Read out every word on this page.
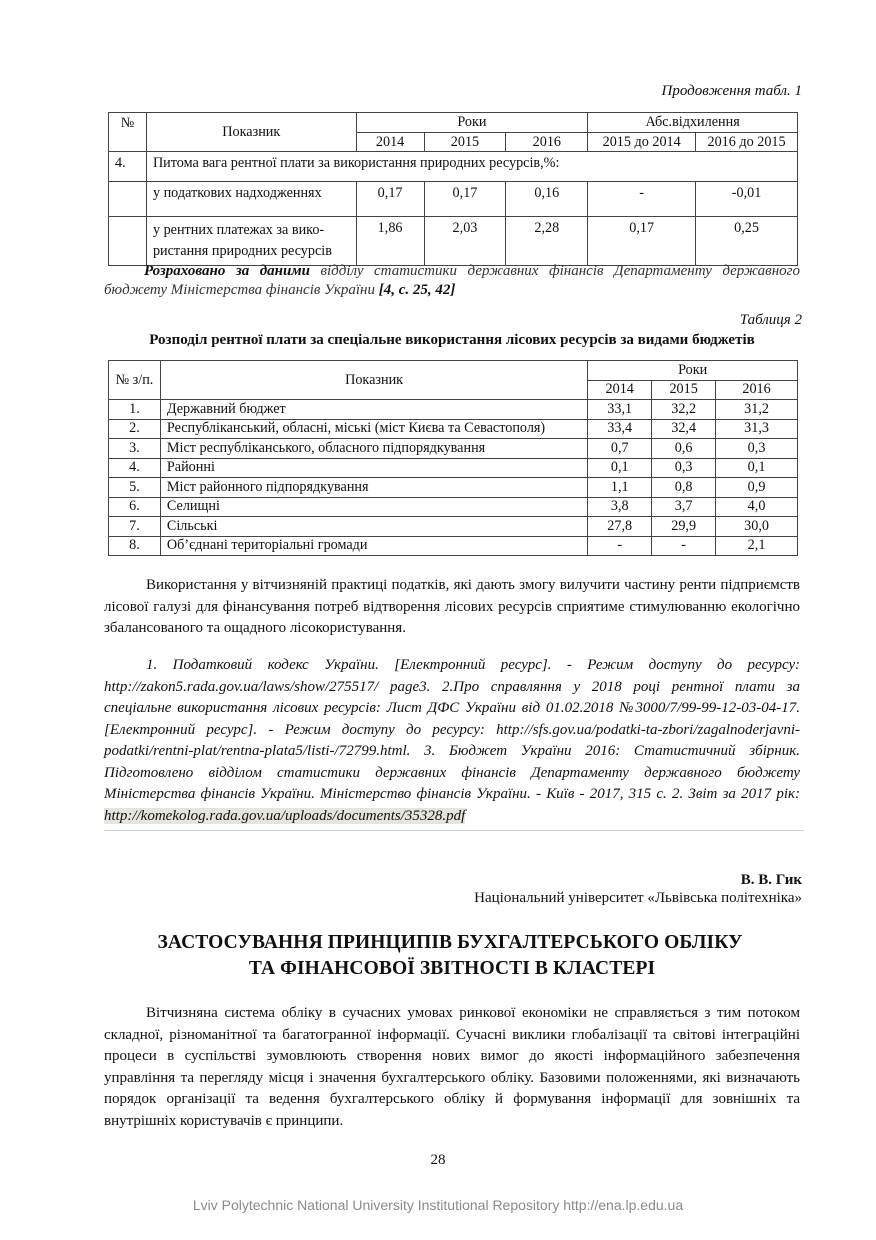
Продовження табл. 1
№	Показник	Роки			Абс.відхилення	
		2014	2015	2016	2015 до 2014	2016 до 2015
4.	Питома вага рентної плати за використання природних ресурсів,%:					
	у податкових надходженнях	0,17	0,17	0,16	-	-0,01
	у рентних платежах за вико-ристання природних ресурсів	1,86	2,03	2,28	0,17	0,25
Розраховано за даними відділу статистики державних фінансів Департаменту державного бюджету Міністерства фінансів України [4, с. 25, 42]
Таблиця 2
Розподіл рентної плати за спеціальне використання лісових ресурсів за видами бюджетів
№ з/п.	Показник	Роки		
		2014	2015	2016
1.	Державний бюджет	33,1	32,2	31,2
2.	Республіканський, обласні, міські (міст Києва та Севастополя)	33,4	32,4	31,3
3.	Міст республіканського, обласного підпорядкування	0,7	0,6	0,3
4.	Районні	0,1	0,3	0,1
5.	Міст районного підпорядкування	1,1	0,8	0,9
6.	Селищні	3,8	3,7	4,0
7.	Сільські	27,8	29,9	30,0
8.	Об’єднані територіальні громади	-	-	2,1
Використання у вітчизняній практиці податків, які дають змогу вилучити частину ренти підприємств лісової галузі для фінансування потреб відтворення лісових ресурсів сприятиме стимулюванню екологічно збалансованого та ощадного лісокористування.
1. Податковий кодекс України. [Електронний ресурс]. - Режим доступу до ресурсу: http://zakon5.rada.gov.ua/laws/show/275517/ page3. 2.Про справляння у 2018 році рентної плати за спеціальне використання лісових ресурсів: Лист ДФС України від 01.02.2018 №3000/7/99-99-12-03-04-17. [Електронний ресурс]. - Режим доступу до ресурсу: http://sfs.gov.ua/podatki-ta-zbori/zagalnoderjavni-podatki/rentni-plat/rentna-plata5/listi-/72799.html. 3. Бюджет України 2016: Статистичний збірник. Підготовлено відділом статистики державних фінансів Департаменту державного бюджету Міністерства фінансів України. Міністерство фінансів України. - Київ - 2017, 315 с. 2. Звіт за 2017 рік: http://komekolog.rada.gov.ua/uploads/documents/35328.pdf
В. В. Гик
Національний університет «Львівська політехніка»
ЗАСТОСУВАННЯ ПРИНЦИПІВ БУХГАЛТЕРСЬКОГО ОБЛІКУ
ТА ФІНАНСОВОЇ ЗВІТНОСТІ В КЛАСТЕРІ
Вітчизняна система обліку в сучасних умовах ринкової економіки не справляється з тим потоком складної, різноманітної та багатогранної інформації. Сучасні виклики глобалізації та світові інтеграційні процеси в суспільстві зумовлюють створення нових вимог до якості інформаційного забезпечення управління та перегляду місця і значення бухгалтерського обліку. Базовими положеннями, які визначають порядок організації та ведення бухгалтерського обліку й формування інформації для зовнішніх та внутрішніх користувачів є принципи.
28
Lviv Polytechnic National University Institutional Repository http://ena.lp.edu.ua
